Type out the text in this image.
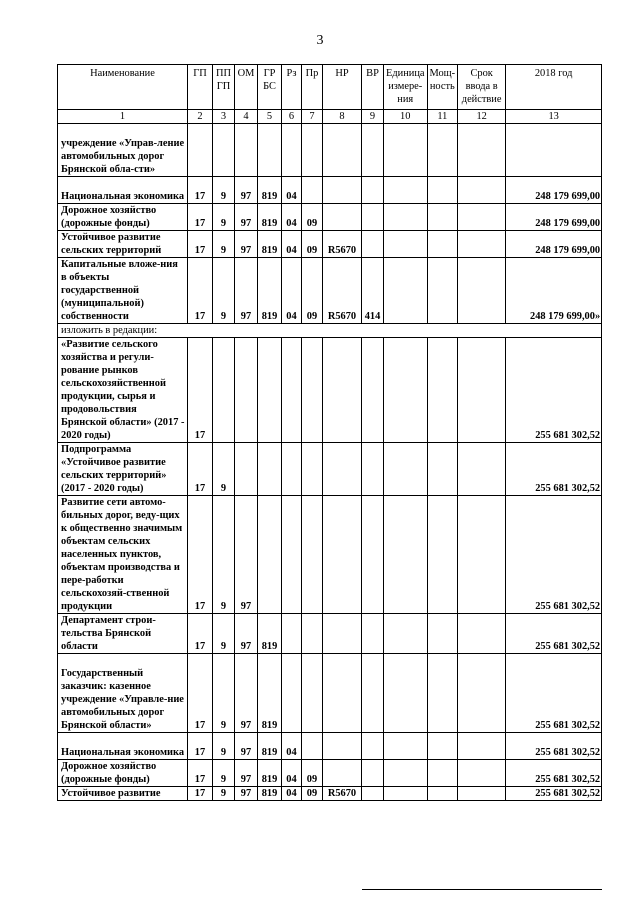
3
Наименование	ГП	ПП ГП	ОМ	ГР БС	Рз	Пр	НР	ВР	Единица измере-ния	Мощ-ность	Срок ввода в действие	2018 год
1	2	3	4	5	6	7	8	9	10	11	12	13
учреждение «Управ-ление автомобильных дорог Брянской обла-сти»												
Национальная экономика	17	9	97	819	04							248 179 699,00
Дорожное хозяйство (дорожные фонды)	17	9	97	819	04	09						248 179 699,00
Устойчивое развитие сельских территорий	17	9	97	819	04	09	R5670					248 179 699,00
Капитальные вложе-ния в объекты государственной (муниципальной) собственности	17	9	97	819	04	09	R5670	414				248 179 699,00»
изложить в редакции:												
«Развитие сельского хозяйства и регули-рование рынков сельскохозяйственной продукции, сырья и продовольствия Брянской области» (2017 - 2020 годы)	17											255 681 302,52
Подпрограмма «Устойчивое развитие сельских территорий» (2017 - 2020 годы)	17	9										255 681 302,52
Развитие сети автомо-бильных дорог, веду-щих к общественно значимым объектам сельских населенных пунктов, объектам производства и пере-работки сельскохозяй-ственной продукции	17	9	97									255 681 302,52
Департамент строи-тельства Брянской области	17	9	97	819								255 681 302,52
Государственный заказчик: казенное учреждение «Управле-ние автомобильных дорог Брянской области»	17	9	97	819								255 681 302,52
Национальная экономика	17	9	97	819	04							255 681 302,52
Дорожное хозяйство (дорожные фонды)	17	9	97	819	04	09						255 681 302,52
Устойчивое развитие	17	9	97	819	04	09	R5670					255 681 302,52
